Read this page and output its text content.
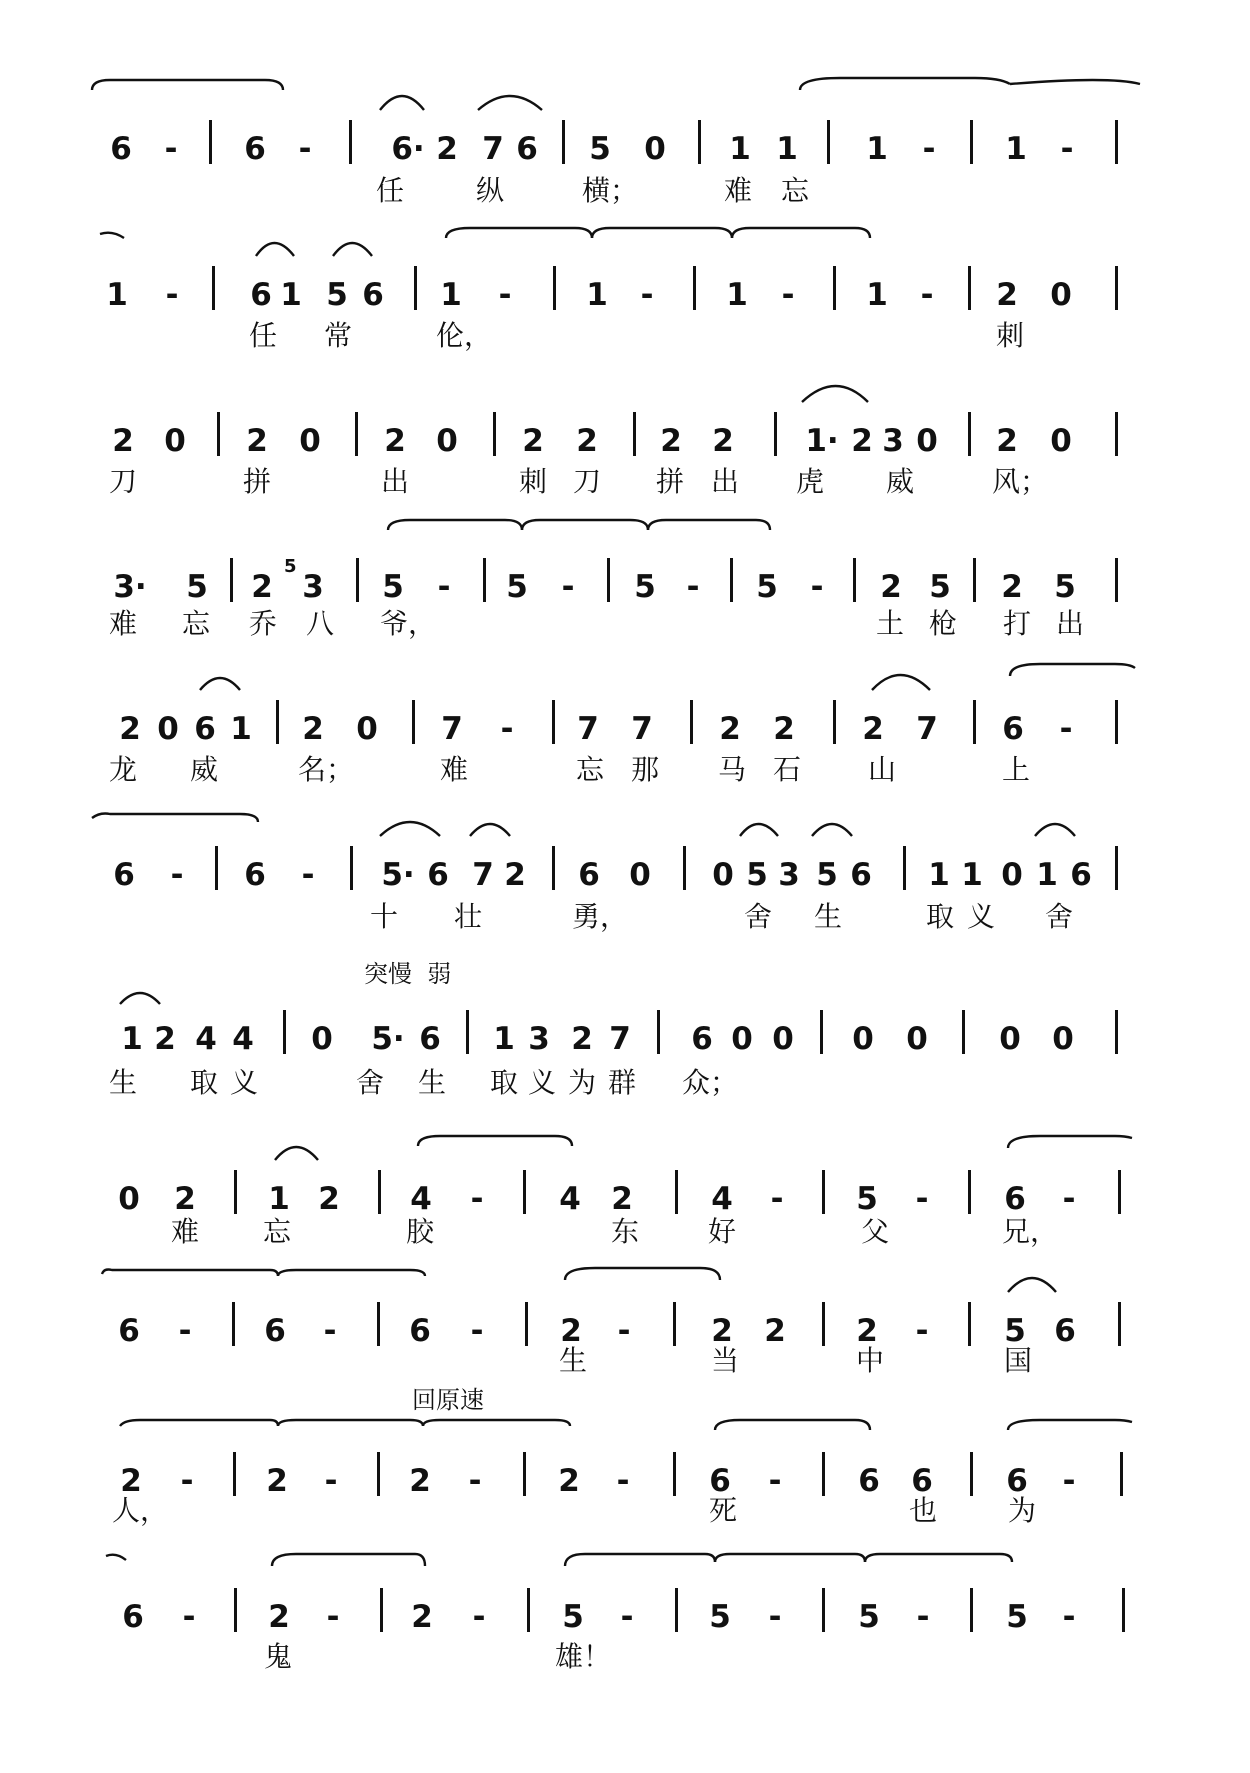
6	-	6	-	6· 2 7 6 5 0 1 1 1	-	1	-
任	纵	横；	难 忘
1	-	6 1 5 6 1	-	1	-	1	-	1	-	2 0
任 常	伦，	刺
2 0 2 0 2 0 2 2 2 2 1· 2 3 0 2 0
刀	拼	出	刺 刀 拼 出 虎 威	风；
3· 5 2
5
3 5	-	5	-	5 -	5	-	2 5 2 5
难 忘 乔 八 爷，	土 枪 打 出
2 0 6 1 2 0 7	-	7 7 2 2 2 7 6	-
龙 威	名；	难	忘 那 马 石 山	上
6	-	6	-	5· 6 7 2 6 0 0 5 3 5 6 1 1 0 1 6
十 壮	勇，	舍 生	取 义 舍
突慢  弱
1 2 4 4 0 5· 6 1 3 2 7 6 0 0 0 0 0 0
生 取 义	舍 生 取 义 为 群 众；
0 2 1 2 4	-	4 2	4	-	5	-	6	-
难 忘	胶	东 好	父	兄，
6	-	6	-	6	-	2	-	2 2 2	-	5 6
生	当	中	国
回原速
2	-	2	-	2	-	2	-	6	-	6 6 6	-
人，	死	也	为
6	-	2	-	2	-	5	-	5	-	5	-	5	-
鬼	雄！
